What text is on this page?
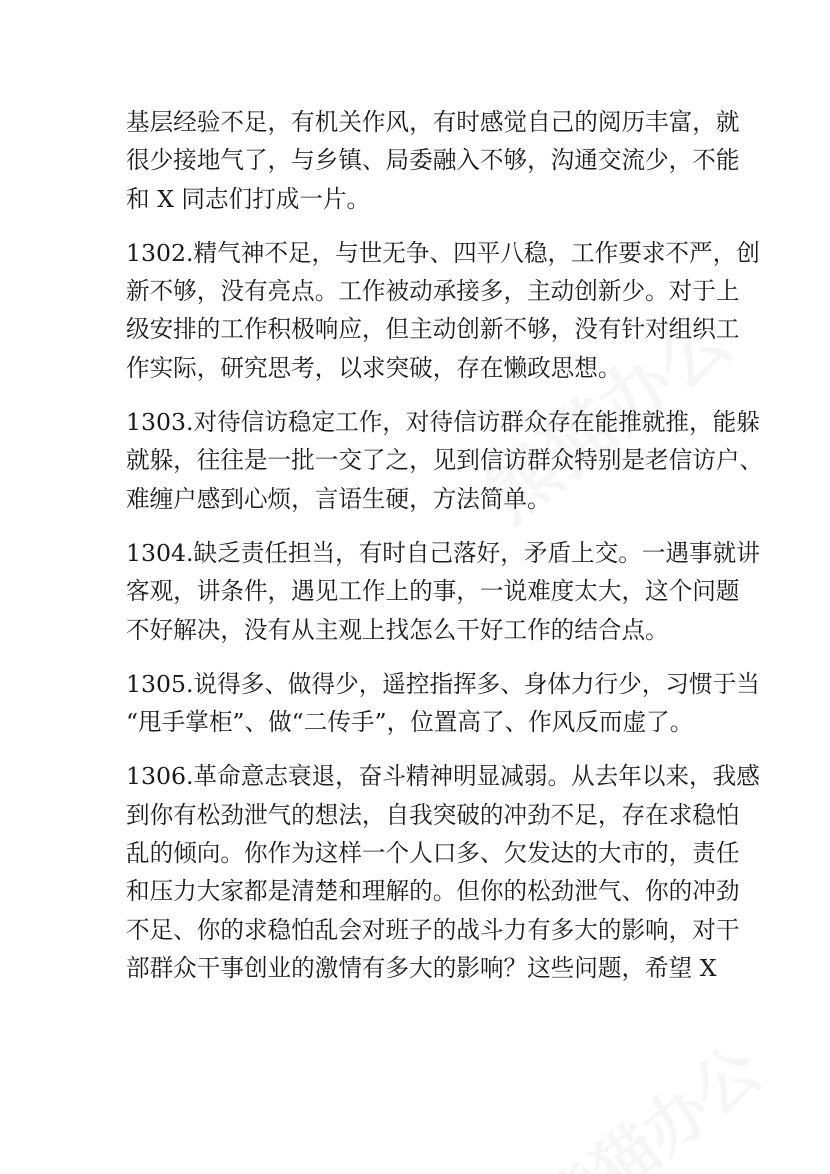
基层经验不足，有机关作风，有时感觉自己的阅历丰富，就
很少接地气了，与乡镇、局委融入不够，沟通交流少，不能
和 X 同志们打成一片。
1302.精气神不足，与世无争、四平八稳，工作要求不严，创
新不够，没有亮点。工作被动承接多，主动创新少。对于上
级安排的工作积极响应，但主动创新不够，没有针对组织工
作实际，研究思考，以求突破，存在懒政思想。
1303.对待信访稳定工作，对待信访群众存在能推就推，能躲
就躲，往往是一批一交了之，见到信访群众特别是老信访户、
难缠户感到心烦，言语生硬，方法简单。
1304.缺乏责任担当，有时自己落好，矛盾上交。一遇事就讲
客观，讲条件，遇见工作上的事，一说难度太大，这个问题
不好解决，没有从主观上找怎么干好工作的结合点。
1305.说得多、做得少，遥控指挥多、身体力行少，习惯于当
“甩手掌柜”、做“二传手”，位置高了、作风反而虚了。
1306.革命意志衰退，奋斗精神明显减弱。从去年以来，我感
到你有松劲泄气的想法，自我突破的冲劲不足，存在求稳怕
乱的倾向。你作为这样一个人口多、欠发达的大市的，责任
和压力大家都是清楚和理解的。但你的松劲泄气、你的冲劲
不足、你的求稳怕乱会对班子的战斗力有多大的影响，对干
部群众干事创业的激情有多大的影响？这些问题，希望 X
